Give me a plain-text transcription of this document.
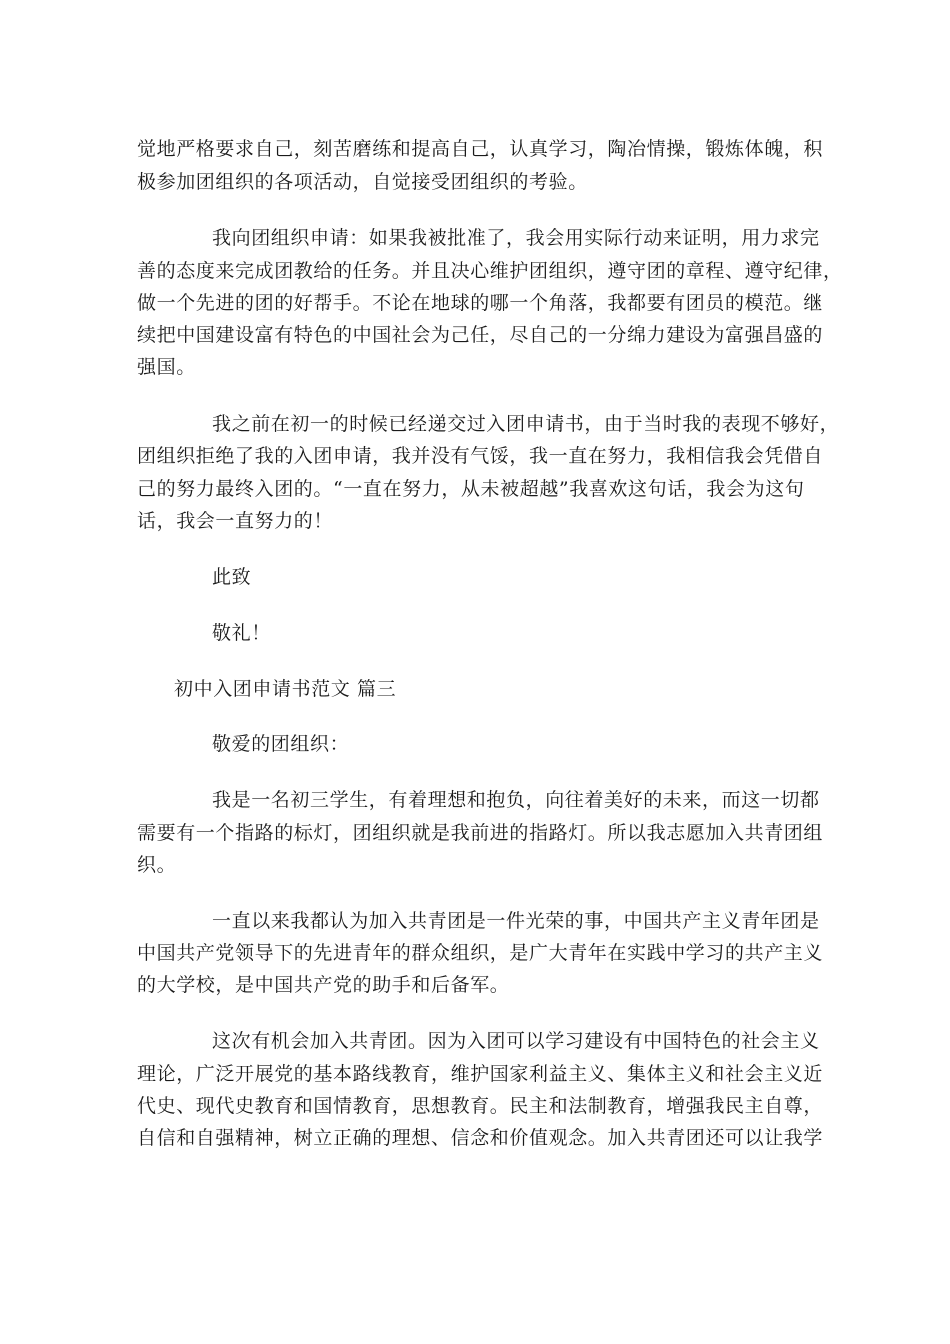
觉地严格要求自己，刻苦磨练和提高自己，认真学习，陶冶情操，锻炼体魄，积
极参加团组织的各项活动，自觉接受团组织的考验。
我向团组织申请：如果我被批准了，我会用实际行动来证明，用力求完
善的态度来完成团教给的任务。并且决心维护团组织，遵守团的章程、遵守纪律，
做一个先进的团的好帮手。不论在地球的哪一个角落，我都要有团员的模范。继
续把中国建设富有特色的中国社会为己任，尽自己的一分绵力建设为富强昌盛的
强国。
我之前在初一的时候已经递交过入团申请书，由于当时我的表现不够好，
团组织拒绝了我的入团申请，我并没有气馁，我一直在努力，我相信我会凭借自
己的努力最终入团的。“一直在努力，从未被超越”我喜欢这句话，我会为这句
话，我会一直努力的！
此致
敬礼！
初中入团申请书范文 篇三
敬爱的团组织：
我是一名初三学生，有着理想和抱负，向往着美好的未来，而这一切都
需要有一个指路的标灯，团组织就是我前进的指路灯。所以我志愿加入共青团组
织。
一直以来我都认为加入共青团是一件光荣的事，中国共产主义青年团是
中国共产党领导下的先进青年的群众组织，是广大青年在实践中学习的共产主义
的大学校，是中国共产党的助手和后备军。
这次有机会加入共青团。因为入团可以学习建设有中国特色的社会主义
理论，广泛开展党的基本路线教育，维护国家利益主义、集体主义和社会主义近
代史、现代史教育和国情教育，思想教育。民主和法制教育，增强我民主自尊，
自信和自强精神，树立正确的理想、信念和价值观念。加入共青团还可以让我学
